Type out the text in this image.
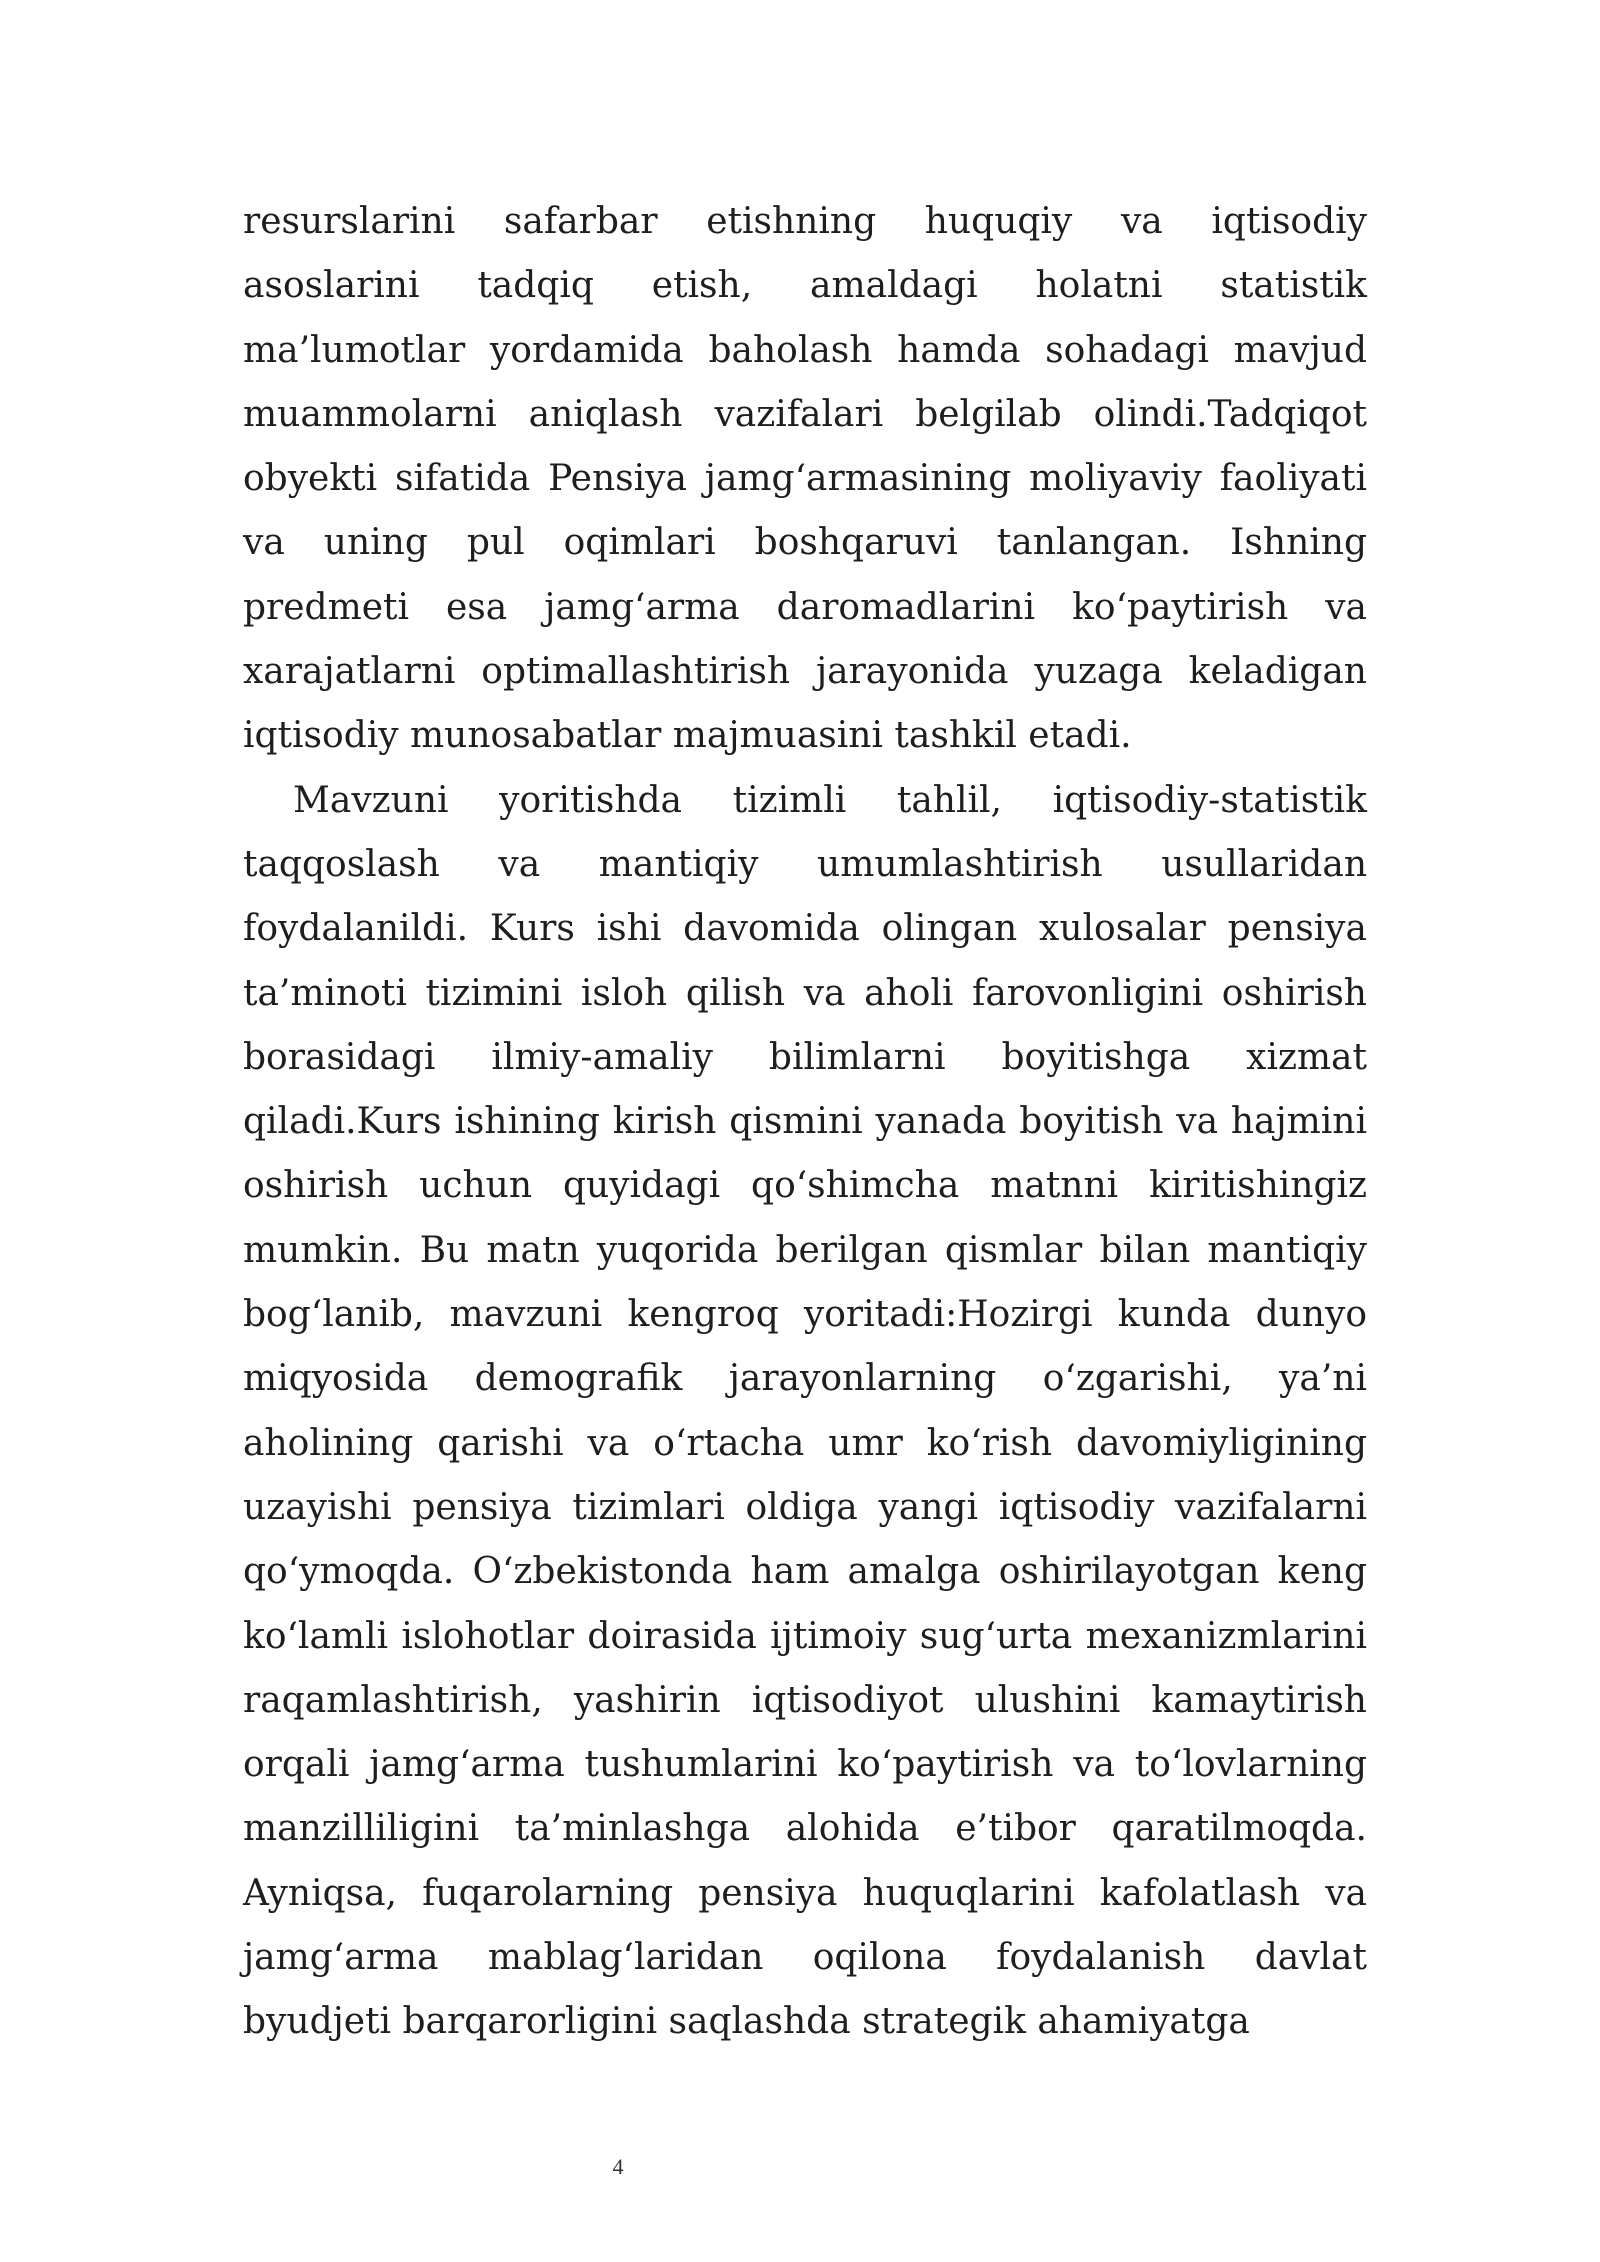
resurslarini safarbar etishning huquqiy va iqtisodiy asoslarini tadqiq etish, amaldagi holatni statistik ma’lumotlar yordamida baholash hamda sohadagi mavjud muammolarni aniqlash vazifalari belgilab olindi.Tadqiqot obyekti sifatida Pensiya jamg‘armasining moliyaviy faoliyati va uning pul oqimlari boshqaruvi tanlangan. Ishning predmeti esa jamg‘arma daromadlarini ko‘paytirish va xarajatlarni optimallashtirish jarayonida yuzaga keladigan iqtisodiy munosabatlar majmuasini tashkil etadi.

Mavzuni yoritishda tizimli tahlil, iqtisodiy-statistik taqqoslash va mantiqiy umumlashtirish usullaridan foydalanildi. Kurs ishi davomida olingan xulosalar pensiya ta’minoti tizimini isloh qilish va aholi farovonligini oshirish borasidagi ilmiy-amaliy bilimlarni boyitishga xizmat qiladi.Kurs ishining kirish qismini yanada boyitish va hajmini oshirish uchun quyidagi qo‘shimcha matnni kiritishingiz mumkin. Bu matn yuqorida berilgan qismlar bilan mantiqiy bog‘lanib, mavzuni kengroq yoritadi:Hozirgi kunda dunyo miqyosida demografik jarayonlarning o‘zgarishi, ya’ni aholining qarishi va o‘rtacha umr ko‘rish davomiyligining uzayishi pensiya tizimlari oldiga yangi iqtisodiy vazifalarni qo‘ymoqda. O‘zbekistonda ham amalga oshirilayotgan keng ko‘lamli islohotlar doirasida ijtimoiy sug‘urta mexanizmlarini raqamlashtirish, yashirin iqtisodiyot ulushini kamaytirish orqali jamg‘arma tushumlarini ko‘paytirish va to‘lovlarning manzilliligini ta’minlashga alohida e’tibor qaratilmoqda. Ayniqsa, fuqarolarning pensiya huquqlarini kafolatlash va jamg‘arma mablag‘laridan oqilona foydalanish davlat byudjeti barqarorligini saqlashda strategik ahamiyatga

4
